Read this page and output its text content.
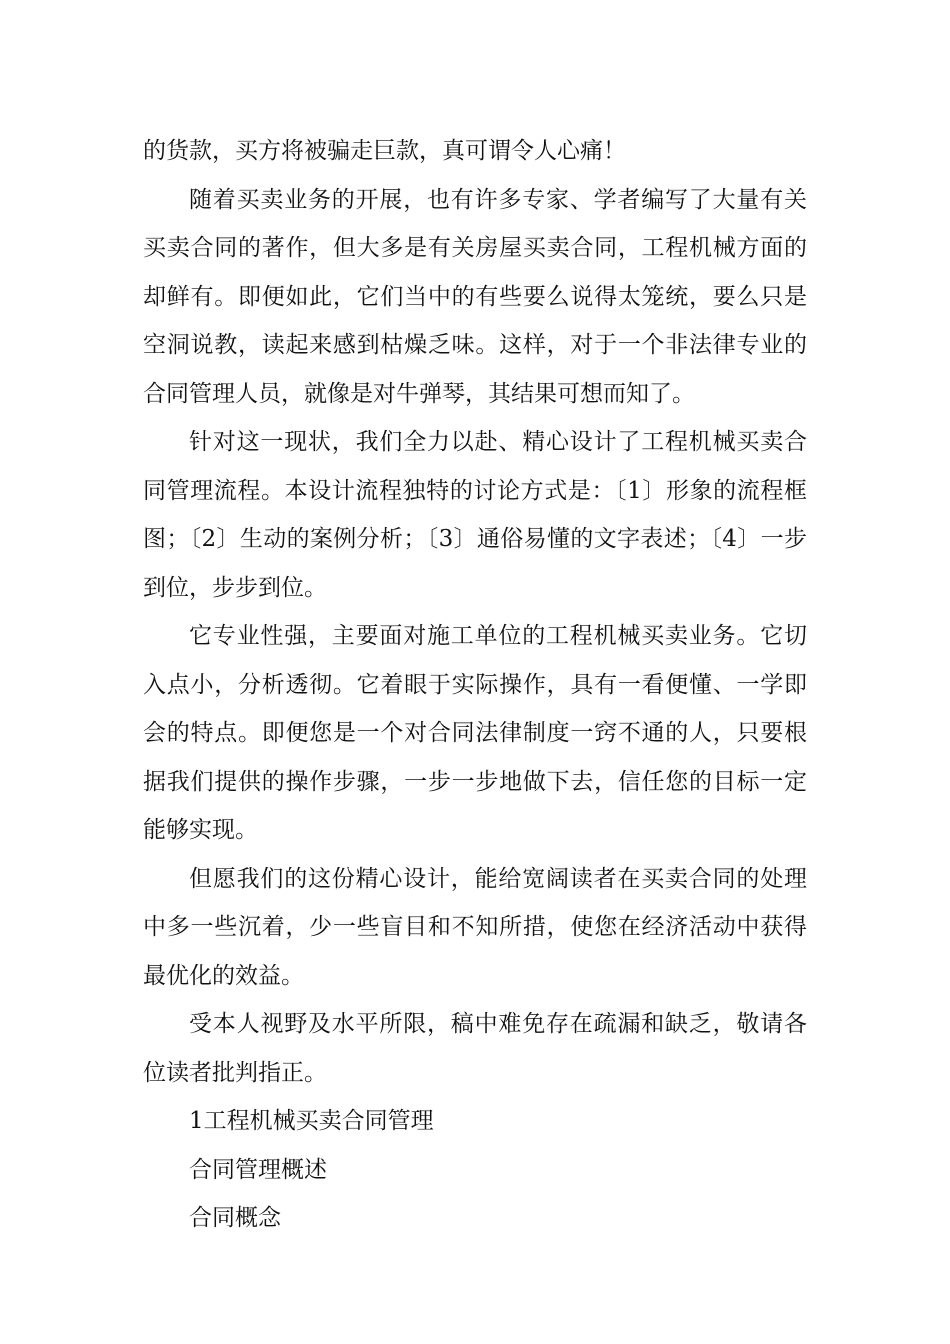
的货款，买方将被骗走巨款，真可谓令人心痛！

随着买卖业务的开展，也有许多专家、学者编写了大量有关买卖合同的著作，但大多是有关房屋买卖合同，工程机械方面的却鲜有。即便如此，它们当中的有些要么说得太笼统，要么只是空洞说教，读起来感到枯燥乏味。这样，对于一个非法律专业的合同管理人员，就像是对牛弹琴，其结果可想而知了。

针对这一现状，我们全力以赴、精心设计了工程机械买卖合同管理流程。本设计流程独特的讨论方式是：〔1〕形象的流程框图；〔2〕生动的案例分析；〔3〕通俗易懂的文字表述；〔4〕一步到位，步步到位。

它专业性强，主要面对施工单位的工程机械买卖业务。它切入点小，分析透彻。它着眼于实际操作，具有一看便懂、一学即会的特点。即便您是一个对合同法律制度一窍不通的人，只要根据我们提供的操作步骤，一步一步地做下去，信任您的目标一定能够实现。

但愿我们的这份精心设计，能给宽阔读者在买卖合同的处理中多一些沉着，少一些盲目和不知所措，使您在经济活动中获得最优化的效益。

受本人视野及水平所限，稿中难免存在疏漏和缺乏，敬请各位读者批判指正。

1工程机械买卖合同管理

合同管理概述

合同概念
